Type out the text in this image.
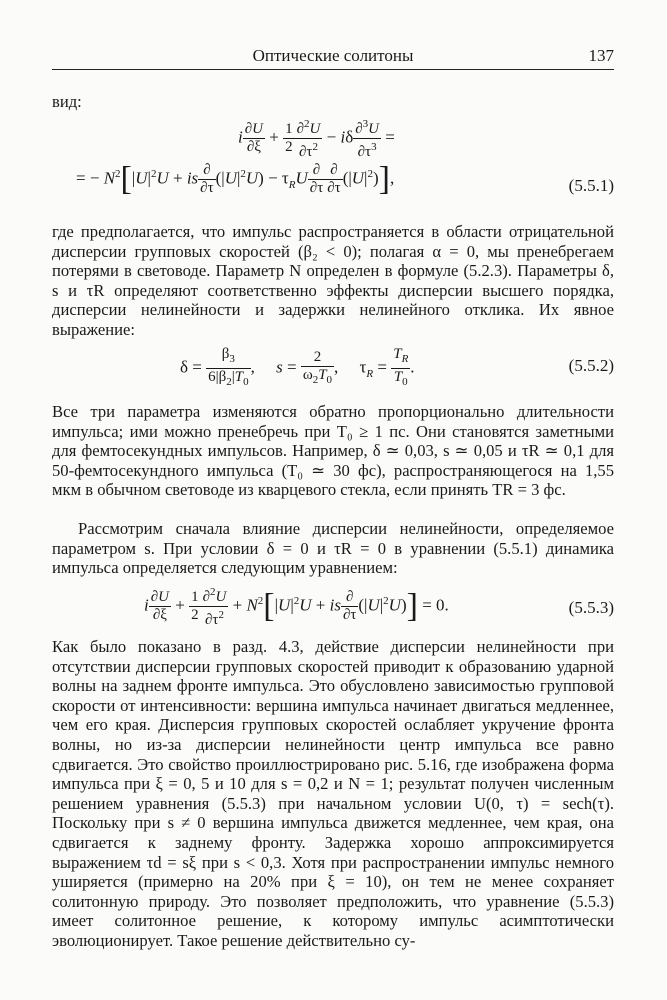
Оптические солитоны	137
вид:
i $\frac{\partial U}{\partial\xi} + \frac{1}{2} \frac{\partial^2U}{\partial\tau^2} - i\delta \frac{\partial^3U}{\partial\tau^3}$ =
= − $N^2[|U|^2U$ + is $\frac{\partial}{\partial\tau} (|U|^2U) - \tau_RU \frac{\partial}{\partial\tau} \frac{\partial}{\partial\tau} (|U|^2)$],	(5.5.1)
где предполагается, что импульс распространяется в области отрицательной дисперсии групповых скоростей (β₂ < 0); полагая α = 0, мы пренебрегаем потерями в световоде. Параметр N определен в формуле (5.2.3). Параметры δ, s и τR определяют соответственно эффекты дисперсии высшего порядка, дисперсии нелинейности и задержки нелинейного отклика. Их явное выражение:
$\delta = \frac{\beta_3}{6|\beta_2|T_0}$ ,     $s = \frac{2}{\omega_2T_0}$ ,     $\tau_R = \frac{T_R}{T_0}$ .	(5.5.2)
Все три параметра изменяются обратно пропорционально длительности импульса; ими можно пренебречь при T₀ ≥ 1 пс. Они становятся заметными для фемтосекундных импульсов. Например, δ ≃ 0,03, s ≃ 0,05 и τR ≃ 0,1 для 50-фемтосекундного импульса (T₀ ≃ 30 фс), распространяющегося на 1,55 мкм в обычном световоде из кварцевого стекла, если принять TR = 3 фс.
Рассмотрим сначала влияние дисперсии нелинейности, определяемое параметром s. При условии δ = 0 и τR = 0 в уравнении (5.5.1) динамика импульса определяется следующим уравнением:
i $\frac{\partial U}{\partial\xi} + \frac{1}{2} \frac{\partial^2U}{\partial\tau^2} + N^2[|U|^2U$ + is $\frac{\partial}{\partial\tau} (|U|^2U)] = 0$.	(5.5.3)
Как было показано в разд. 4.3, действие дисперсии нелинейности при отсутствии дисперсии групповых скоростей приводит к образованию ударной волны на заднем фронте импульса. Это обусловлено зависимостью групповой скорости от интенсивности: вершина импульса начинает двигаться медленнее, чем его края. Дисперсия групповых скоростей ослабляет укручение фронта волны, но из-за дисперсии нелинейности центр импульса все равно сдвигается. Это свойство проиллюстрировано рис. 5.16, где изображена форма импульса при ξ = 0, 5 и 10 для s = 0,2 и N = 1; результат получен численным решением уравнения (5.5.3) при начальном условии U(0, τ) = sech(τ). Поскольку при s ≠ 0 вершина импульса движется медленнее, чем края, она сдвигается к заднему фронту. Задержка хорошо аппроксимируется выражением τd = sξ при s < 0,3. Хотя при распространении импульс немного уширяется (примерно на 20% при ξ = 10), он тем не менее сохраняет солитонную природу. Это позволяет предположить, что уравнение (5.5.3) имеет солитонное решение, к которому импульс асимптотически эволюционирует. Такое решение действительно су-
